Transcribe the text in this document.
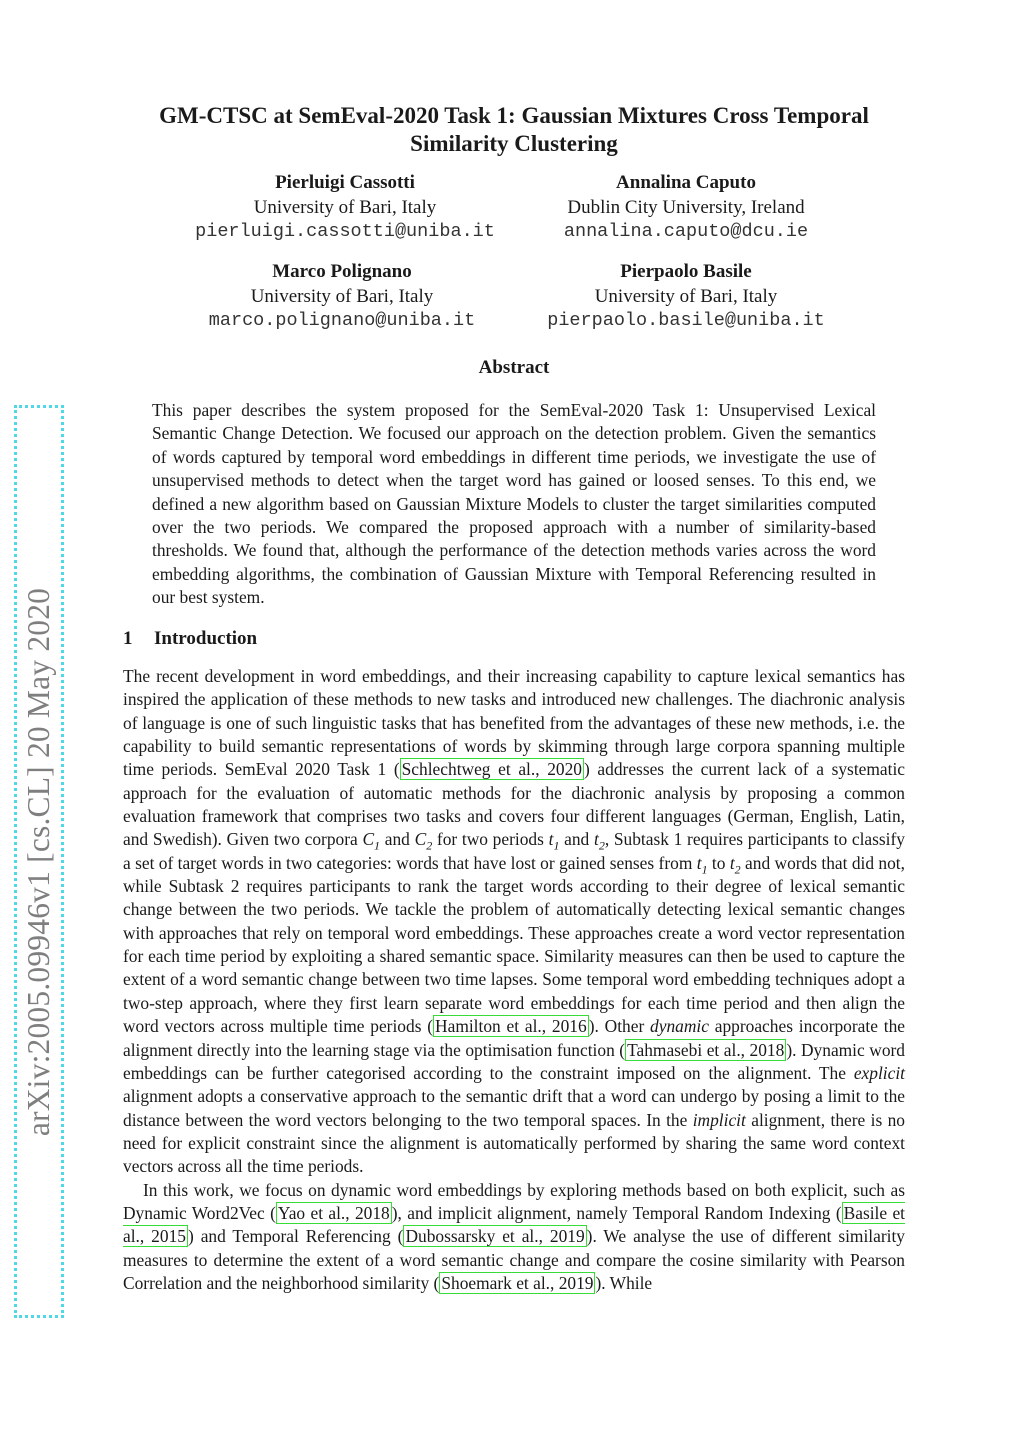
arXiv:2005.09946v1 [cs.CL] 20 May 2020
GM-CTSC at SemEval-2020 Task 1: Gaussian Mixtures Cross Temporal
Similarity Clustering
Pierluigi Cassotti
University of Bari, Italy
pierluigi.cassotti@uniba.it
Annalina Caputo
Dublin City University, Ireland
annalina.caputo@dcu.ie
Marco Polignano
University of Bari, Italy
marco.polignano@uniba.it
Pierpaolo Basile
University of Bari, Italy
pierpaolo.basile@uniba.it
Abstract

This paper describes the system proposed for the SemEval-2020 Task 1: Unsupervised Lexical Semantic Change Detection. We focused our approach on the detection problem. Given the semantics of words captured by temporal word embeddings in different time periods, we investigate the use of unsupervised methods to detect when the target word has gained or loosed senses. To this end, we defined a new algorithm based on Gaussian Mixture Models to cluster the target similarities computed over the two periods. We compared the proposed approach with a number of similarity-based thresholds. We found that, although the performance of the detection methods varies across the word embedding algorithms, the combination of Gaussian Mixture with Temporal Referencing resulted in our best system.

1 Introduction

The recent development in word embeddings, and their increasing capability to capture lexical semantics has inspired the application of these methods to new tasks and introduced new challenges. The diachronic analysis of language is one of such linguistic tasks that has benefited from the advantages of these new methods, i.e. the capability to build semantic representations of words by skimming through large corpora spanning multiple time periods. SemEval 2020 Task 1 ( Schlechtweg et al., 2020 ) addresses the current lack of a systematic approach for the evaluation of automatic methods for the diachronic analysis by proposing a common evaluation framework that comprises two tasks and covers four different languages (German, English, Latin, and Swedish). Given two corpora $C_1$ and $C_2$ for two periods $t_1$ and $t_2$, Subtask 1 requires participants to classify a set of target words in two categories: words that have lost or gained senses from $t_1$ to $t_2$ and words that did not, while Subtask 2 requires participants to rank the target words according to their degree of lexical semantic change between the two periods. We tackle the problem of automatically detecting lexical semantic changes with approaches that rely on temporal word embeddings. These approaches create a word vector representation for each time period by exploiting a shared semantic space. Similarity measures can then be used to capture the extent of a word semantic change between two time lapses. Some temporal word embedding techniques adopt a two-step approach, where they first learn separate word embeddings for each time period and then align the word vectors across multiple time periods ( Hamilton et al., 2016 ). Other dynamic approaches incorporate the alignment directly into the learning stage via the optimisation function ( Tahmasebi et al., 2018 ). Dynamic word embeddings can be further categorised according to the constraint imposed on the alignment. The explicit alignment adopts a conservative approach to the semantic drift that a word can undergo by posing a limit to the distance between the word vectors belonging to the two temporal spaces. In the implicit alignment, there is no need for explicit constraint since the alignment is automatically performed by sharing the same word context vectors across all the time periods.

In this work, we focus on dynamic word embeddings by exploring methods based on both explicit, such as Dynamic Word2Vec ( Yao et al., 2018 ), and implicit alignment, namely Temporal Random Indexing ( Basile et al., 2015 ) and Temporal Referencing ( Dubossarsky et al., 2019 ). We analyse the use of different similarity measures to determine the extent of a word semantic change and compare the cosine similarity with Pearson Correlation and the neighborhood similarity ( Shoemark et al., 2019 ). While
